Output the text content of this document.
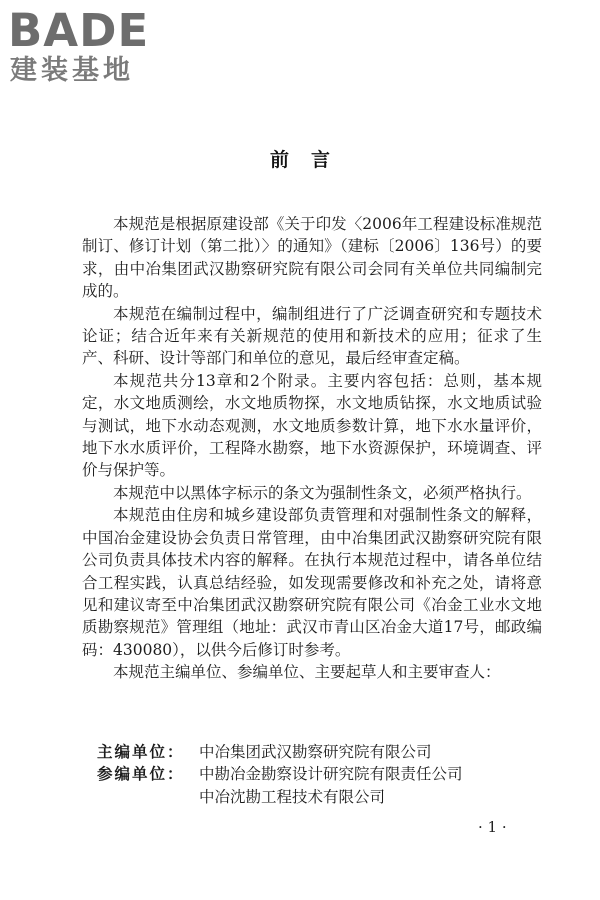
BADE
建装基地
前言

本规范是根据原建设部《关于印发〈2006年工程建设标准规范制订、修订计划（第二批）〉的通知》（建标〔2006〕136号）的要求，由中冶集团武汉勘察研究院有限公司会同有关单位共同编制完成的。

本规范在编制过程中，编制组进行了广泛调查研究和专题技术论证；结合近年来有关新规范的使用和新技术的应用；征求了生产、科研、设计等部门和单位的意见，最后经审查定稿。

本规范共分13章和2个附录。主要内容包括：总则，基本规定，水文地质测绘，水文地质物探，水文地质钻探，水文地质试验与测试，地下水动态观测，水文地质参数计算，地下水水量评价，地下水水质评价，工程降水勘察，地下水资源保护，环境调查、评价与保护等。

本规范中以黑体字标示的条文为强制性条文，必须严格执行。

本规范由住房和城乡建设部负责管理和对强制性条文的解释，中国冶金建设协会负责日常管理，由中冶集团武汉勘察研究院有限公司负责具体技术内容的解释。在执行本规范过程中，请各单位结合工程实践，认真总结经验，如发现需要修改和补充之处，请将意见和建议寄至中冶集团武汉勘察研究院有限公司《冶金工业水文地质勘察规范》管理组（地址：武汉市青山区冶金大道17号，邮政编码：430080），以供今后修订时参考。

本规范主编单位、参编单位、主要起草人和主要审查人：

主编单位： 中冶集团武汉勘察研究院有限公司
参编单位： 中勘冶金勘察设计研究院有限责任公司
中冶沈勘工程技术有限公司
· 1 ·
